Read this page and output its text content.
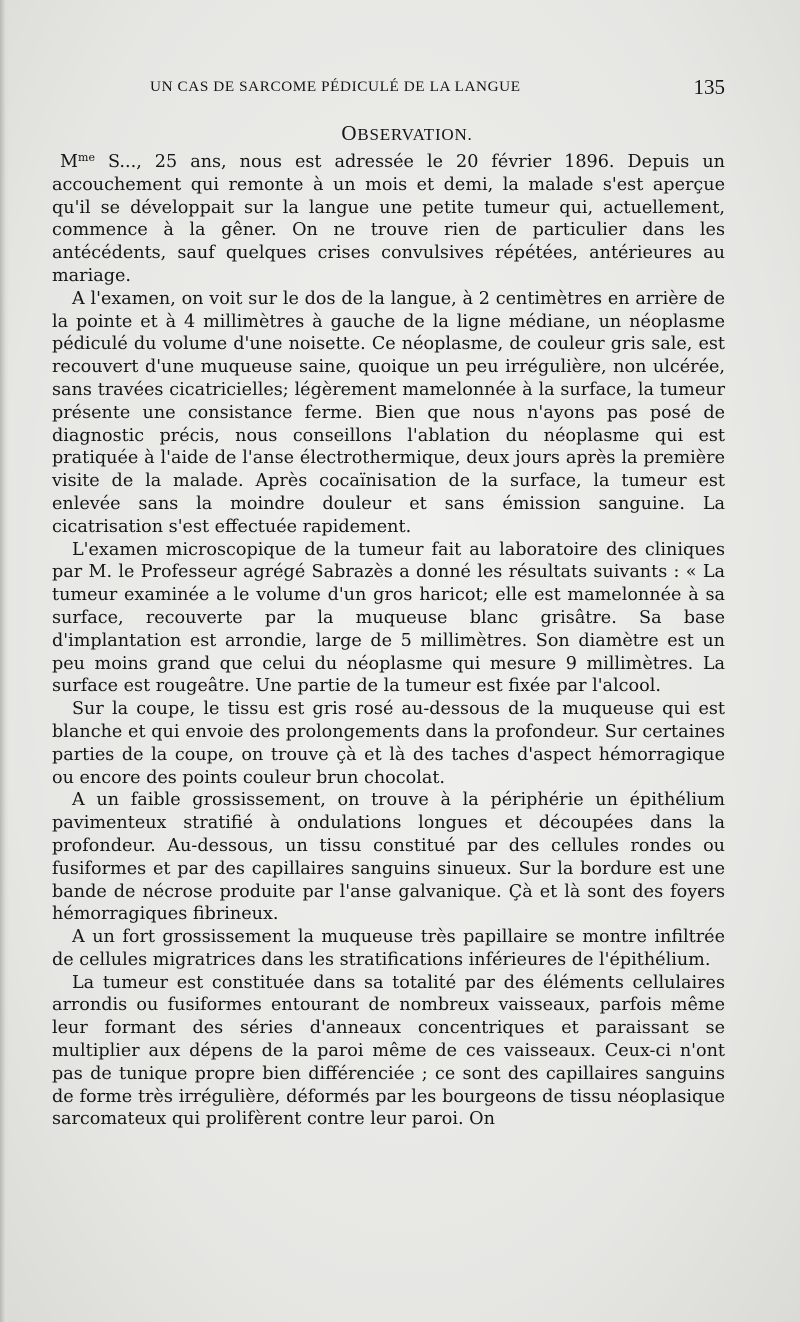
UN CAS DE SARCOME PÉDICULÉ DE LA LANGUE	135
OBSERVATION.

$M^{me}$ S..., 25 ans, nous est adressée le 20 février 1896. Depuis un accouchement qui remonte à un mois et demi, la malade s'est aperçue qu'il se développait sur la langue une petite tumeur qui, actuellement, commence à la gêner. On ne trouve rien de particulier dans les antécédents, sauf quelques crises convulsives répétées, antérieures au mariage.

A l'examen, on voit sur le dos de la langue, à 2 centimètres en arrière de la pointe et à 4 millimètres à gauche de la ligne médiane, un néoplasme pédiculé du volume d'une noisette. Ce néoplasme, de couleur gris sale, est recouvert d'une muqueuse saine, quoique un peu irrégulière, non ulcérée, sans travées cicatricielles; légèrement mamelonnée à la surface, la tumeur présente une consistance ferme. Bien que nous n'ayons pas posé de diagnostic précis, nous conseillons l'ablation du néoplasme qui est pratiquée à l'aide de l'anse électrothermique, deux jours après la première visite de la malade. Après cocaïnisation de la surface, la tumeur est enlevée sans la moindre douleur et sans émission sanguine. La cicatrisation s'est effectuée rapidement.

L'examen microscopique de la tumeur fait au laboratoire des cliniques par M. le Professeur agrégé Sabrazès a donné les résultats suivants : « La tumeur examinée a le volume d'un gros haricot; elle est mamelonnée à sa surface, recouverte par la muqueuse blanc grisâtre. Sa base d'implantation est arrondie, large de 5 millimètres. Son diamètre est un peu moins grand que celui du néoplasme qui mesure 9 millimètres. La surface est rougeâtre. Une partie de la tumeur est fixée par l'alcool.

Sur la coupe, le tissu est gris rosé au-dessous de la muqueuse qui est blanche et qui envoie des prolongements dans la profondeur. Sur certaines parties de la coupe, on trouve çà et là des taches d'aspect hémorragique ou encore des points couleur brun chocolat.

A un faible grossissement, on trouve à la périphérie un épithélium pavimenteux stratifié à ondulations longues et découpées dans la profondeur. Au-dessous, un tissu constitué par des cellules rondes ou fusiformes et par des capillaires sanguins sinueux. Sur la bordure est une bande de nécrose produite par l'anse galvanique. Çà et là sont des foyers hémorragiques fibrineux.

A un fort grossissement la muqueuse très papillaire se montre infiltrée de cellules migratrices dans les stratifications inférieures de l'épithélium.

La tumeur est constituée dans sa totalité par des éléments cellulaires arrondis ou fusiformes entourant de nombreux vaisseaux, parfois même leur formant des séries d'anneaux concentriques et paraissant se multiplier aux dépens de la paroi même de ces vaisseaux. Ceux-ci n'ont pas de tunique propre bien différenciée ; ce sont des capillaires sanguins de forme très irrégulière, déformés par les bourgeons de tissu néoplasique sarcomateux qui prolifèrent contre leur paroi. On
